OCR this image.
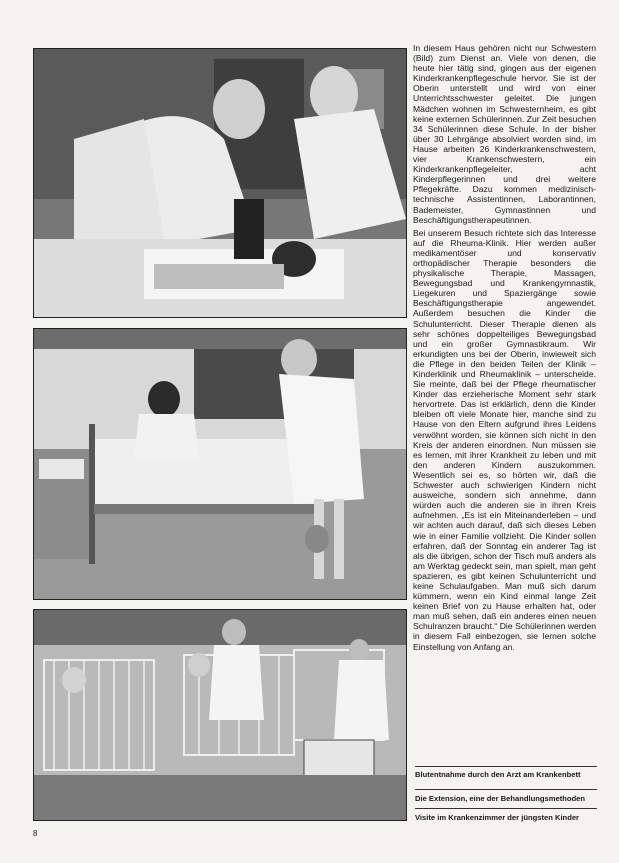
In diesem Haus gehören nicht nur Schwestern (Bild) zum Dienst an. Viele von denen, die heute hier tätig sind, gingen aus der eigenen Kinderkrankenpflegeschule hervor. Sie ist der Oberin unterstellt und wird von einer Unterrichtsschwester geleitet. Die jungen Mädchen wohnen im Schwesternheim, es gibt keine externen Schülerinnen. Zur Zeit besuchen 34 Schülerinnen diese Schule. In der bisher über 30 Lehrgänge absolviert worden sind, im Hause arbeiten 26 Kinderkrankenschwestern, vier Krankenschwestern, ein Kinderkrankenpflegeleiter, acht Kinderpflegerinnen und drei weitere Pflegekräfte. Dazu kommen medizinisch-technische Assistentinnen, Laborantinnen, Bademeister, Gymnastinnen und Beschäftigungstherapeutinnen.

Bei unserem Besuch richtete sich das Interesse auf die Rheuma-Klinik. Hier werden außer medikamentöser und konservativ orthopädischer Therapie besonders die physikalische Therapie, Massagen, Bewegungsbad und Krankengymnastik, Liegekuren und Spaziergänge sowie Beschäftigungstherapie angewendet. Außerdem besuchen die Kinder die Schulunterricht. Dieser Therapie dienen als sehr schönes doppelteiliges Bewegungsbad und ein großer Gymnastikraum. Wir erkundigten uns bei der Oberin, inwieweit sich die Pflege in den beiden Teilen der Klinik – Kinderklinik und Rheumaklinik – unterscheide. Sie meinte, daß bei der Pflege rheumatischer Kinder das erzieherische Moment sehr stark hervortrete. Das ist erklärlich, denn die Kinder bleiben oft viele Monate hier, manche sind zu Hause von den Eltern aufgrund ihres Leidens verwöhnt worden, sie können sich nicht in den Kreis der anderen einordnen. Nun müssen sie es lernen, mit ihrer Krankheit zu leben und mit den anderen Kindern auszukommen. Wesentlich sei es, so hörten wir, daß die Schwester auch schwierigen Kindern nicht ausweiche, sondern sich annehme, dann würden auch die anderen sie in ihren Kreis aufnehmen. „Es ist ein Miteinanderleben – und wir achten auch darauf, daß sich dieses Leben wie in einer Familie vollzieht. Die Kinder sollen erfahren, daß der Sonntag ein anderer Tag ist als die übrigen, schon der Tisch muß anders als am Werktag gedeckt sein, man spielt, man geht spazieren, es gibt keinen Schulunterricht und keine Schulaufgaben. Man muß sich darum kümmern, wenn ein Kind einmal lange Zeit keinen Brief von zu Hause erhalten hat, oder man muß sehen, daß ein anderes einen neuen Schulranzen braucht.“ Die Schülerinnen werden in diesem Fall einbezogen, sie lernen solche Einstellung von Anfang an.

Blutentnahme durch den Arzt am Krankenbett
Die Extension, eine der Behandlungsmethoden
Visite im Krankenzimmer der jüngsten Kinder
8
